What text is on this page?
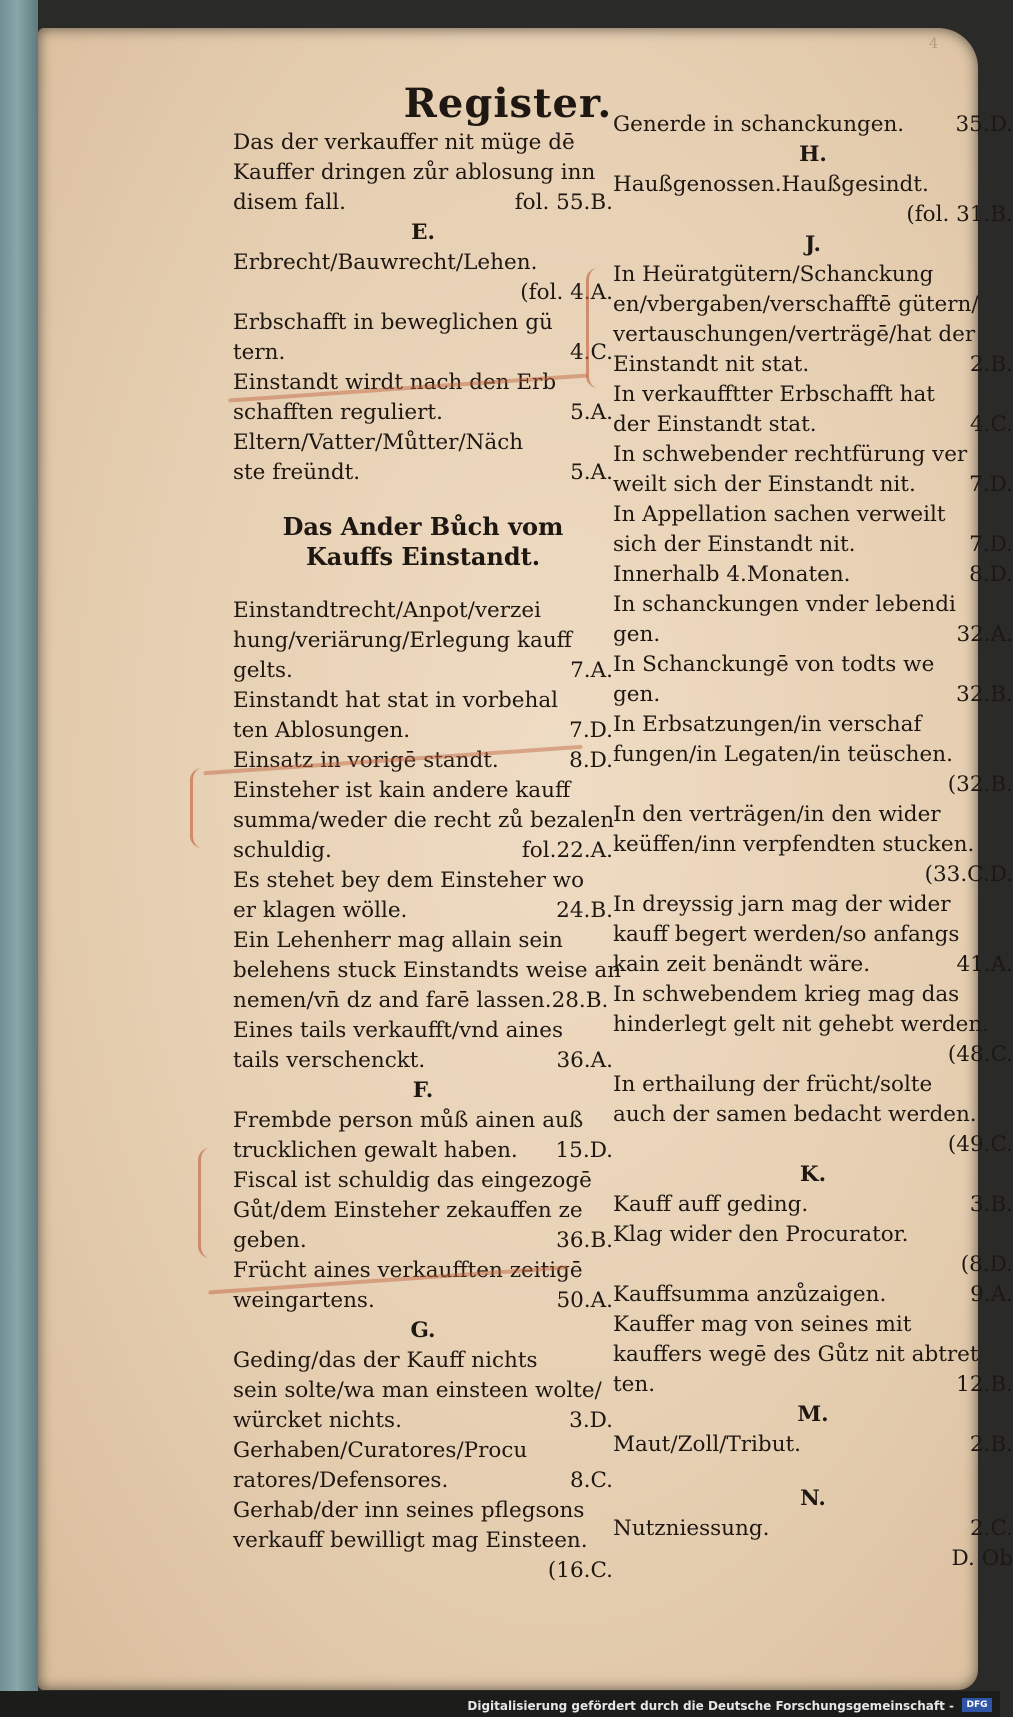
4
Register.
Das der verkauffer nit müge dē
Kauffer dringen zůr ablosung inn
disem fall.	fol. 55.B.
E.
Erbrecht/Bauwrecht/Lehen.
(fol. 4.A.
Erbschafft in beweglichen gü
tern.	4.C.
Einstandt wirdt nach den Erb
schafften reguliert.	5.A.
Eltern/Vatter/Můtter/Näch
ste freündt.	5.A.
Das Ander Bůch vom
Kauffs Einstandt.
Einstandtrecht/Anpot/verzei
hung/veriärung/Erlegung kauff
gelts.	7.A.
Einstandt hat stat in vorbehal
ten Ablosungen.	7.D.
Einsatz in vorigē standt.	8.D.
Einsteher ist kain andere kauff
summa/weder die recht zů bezalen
schuldig.	fol.22.A.
Es stehet bey dem Einsteher wo
er klagen wölle.	24.B.
Ein Lehenherr mag allain sein
belehens stuck Einstandts weise an
nemen/vn̄ dz and farē lassen.28.B.
Eines tails verkaufft/vnd aines
tails verschenckt.	36.A.
F.
Frembde person můß ainen auß
trucklichen gewalt haben. 15.D.
Fiscal ist schuldig das eingezogē
Gůt/dem Einsteher zekauffen ze
geben.	36.B.
Frücht aines verkaufften zeitigē
weingartens.	50.A.
G.
Geding/das der Kauff nichts
sein solte/wa man einsteen wolte/
würcket nichts.	3.D.
Gerhaben/Curatores/Procu
ratores/Defensores.	8.C.
Gerhab/der inn seines pflegsons
verkauff bewilligt mag Einsteen.
(16.C.
Generde in schanckungen. 35.D.
H.
Haußgenossen.Haußgesindt.
(fol. 31.B.
J.
In Heüratgütern/Schanckung
en/vbergaben/verschafftē gütern/
vertauschungen/verträgē/hat der
Einstandt nit stat.	2.B.
In verkaufftter Erbschafft hat
der Einstandt stat.	4.C.
In schwebender rechtfürung ver
weilt sich der Einstandt nit. 7.D.
In Appellation sachen verweilt
sich der Einstandt nit.	7.D.
Innerhalb 4.Monaten.	8.D.
In schanckungen vnder lebendi
gen.	32.A.
In Schanckungē von todts we
gen.	32.B.
In Erbsatzungen/in verschaf
fungen/in Legaten/in teüschen.
(32.B.
In den verträgen/in den wider
keüffen/inn verpfendten stucken.
(33.C.D.
In dreyssig jarn mag der wider
kauff begert werden/so anfangs
kain zeit benändt wäre.	41.A.
In schwebendem krieg mag das
hinderlegt gelt nit gehebt werden.
(48.C.
In erthailung der frücht/solte
auch der samen bedacht werden.
(49.C.
K.
Kauff auff geding.	3.B.
Klag wider den Procurator.
(8.D.
Kauffsumma anzůzaigen.	9.A.
Kauffer mag von seines mit
kauffers wegē des Gůtz nit abtret
ten.	12.B.
M.
Maut/Zoll/Tribut.	2.B.
N.
Nutzniessung.	2.C.
D. Ob
Digitalisierung gefördert durch die Deutsche Forschungsgemeinschaft -	DFG
